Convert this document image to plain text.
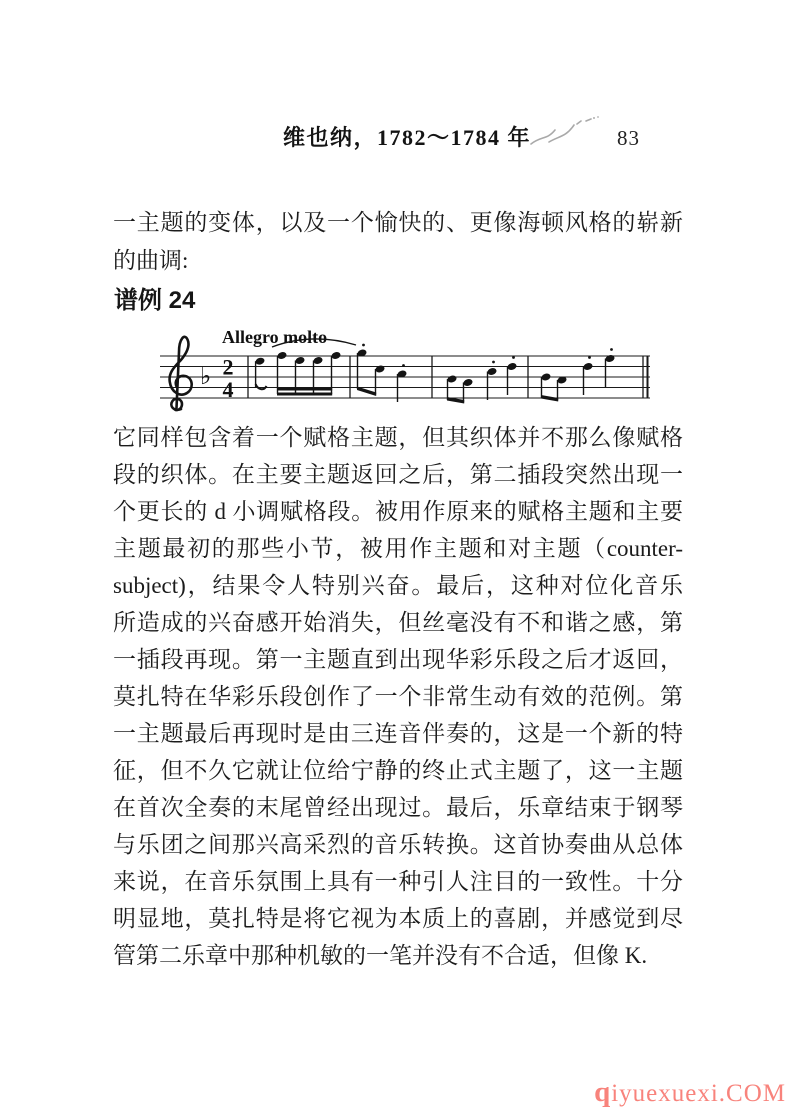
维也纳，1782～1784 年	83
一主题的变体，以及一个愉快的、更像海顿风格的崭新
的曲调:
谱例 24
Allegro molto
♭ 2
4
它同样包含着一个赋格主题，但其织体并不那么像赋格
段的织体。在主要主题返回之后，第二插段突然出现一
个更长的 d 小调赋格段。被用作原来的赋格主题和主要
主题最初的那些小节，被用作主题和对主题（counter-
subject)，结果令人特别兴奋。最后，这种对位化音乐
所造成的兴奋感开始消失，但丝毫没有不和谐之感，第
一插段再现。第一主题直到出现华彩乐段之后才返回，
莫扎特在华彩乐段创作了一个非常生动有效的范例。第
一主题最后再现时是由三连音伴奏的，这是一个新的特
征，但不久它就让位给宁静的终止式主题了，这一主题
在首次全奏的末尾曾经出现过。最后，乐章结束于钢琴
与乐团之间那兴高采烈的音乐转换。这首协奏曲从总体
来说，在音乐氛围上具有一种引人注目的一致性。十分
明显地，莫扎特是将它视为本质上的喜剧，并感觉到尽
管第二乐章中那种机敏的一笔并没有不合适，但像 K.
qiyuexuexi.COM
